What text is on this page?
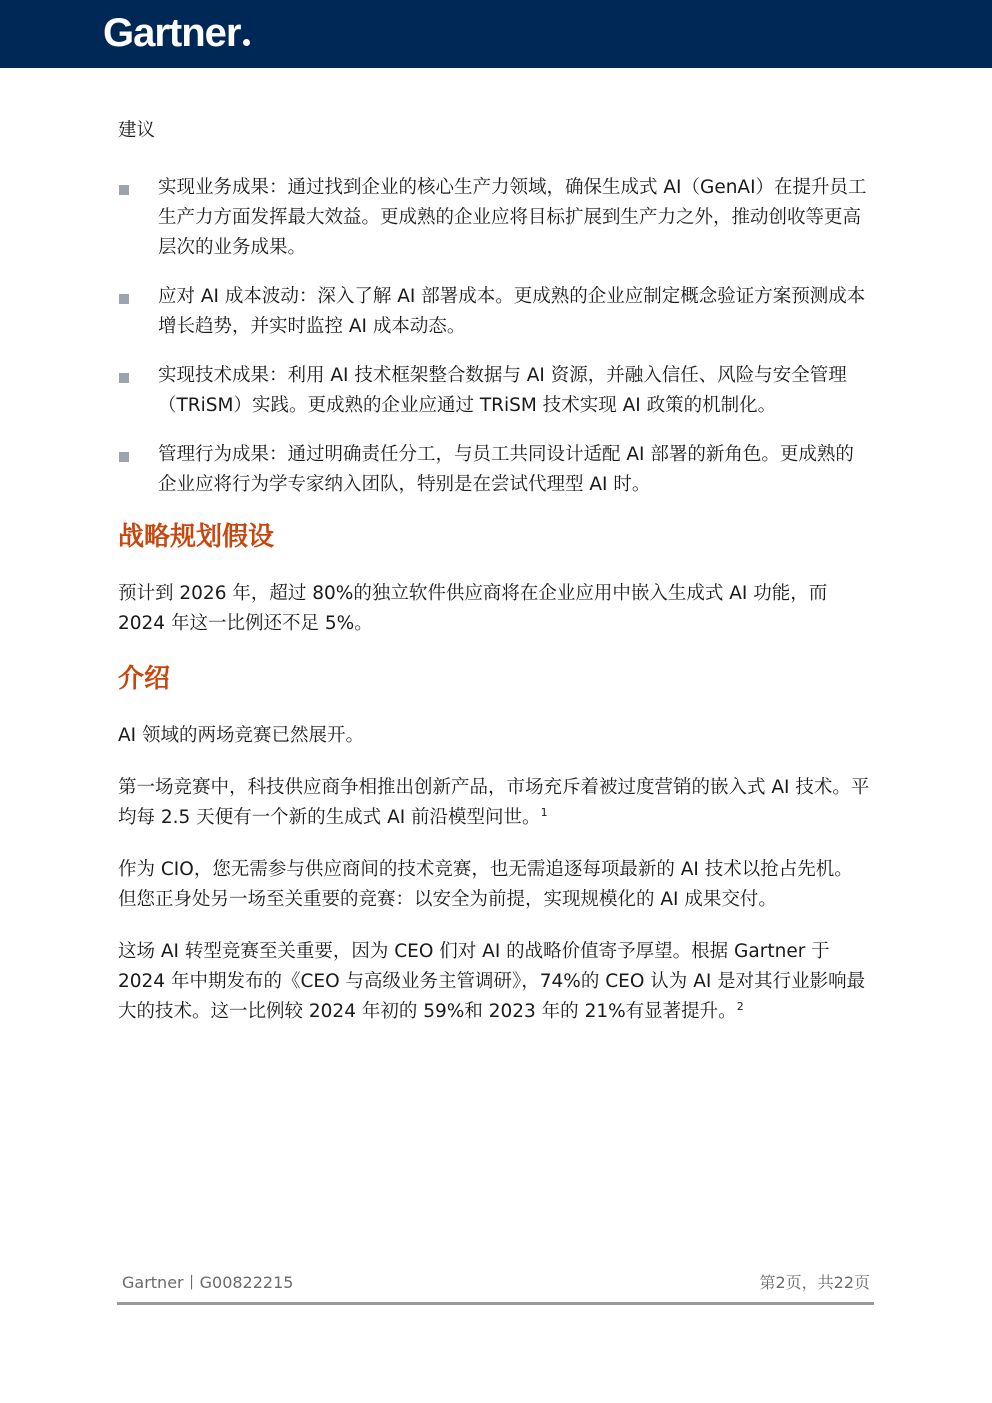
Gartner
建议
实现业务成果：通过找到企业的核心生产力领域，确保生成式 AI（GenAI）在提升员工生产力方面发挥最大效益。更成熟的企业应将目标扩展到生产力之外，推动创收等更高层次的业务成果。
应对 AI 成本波动：深入了解 AI 部署成本。更成熟的企业应制定概念验证方案预测成本增长趋势，并实时监控 AI 成本动态。
实现技术成果：利用 AI 技术框架整合数据与 AI 资源，并融入信任、风险与安全管理（TRiSM）实践。更成熟的企业应通过 TRiSM 技术实现 AI 政策的机制化。
管理行为成果：通过明确责任分工，与员工共同设计适配 AI 部署的新角色。更成熟的企业应将行为学专家纳入团队，特别是在尝试代理型 AI 时。
战略规划假设

预计到 2026 年，超过 80%的独立软件供应商将在企业应用中嵌入生成式 AI 功能，而 2024 年这一比例还不足 5%。

介绍

AI 领域的两场竞赛已然展开。

第一场竞赛中，科技供应商争相推出创新产品，市场充斥着被过度营销的嵌入式 AI 技术。平均每 2.5 天便有一个新的生成式 AI 前沿模型问世。$^1$

作为 CIO，您无需参与供应商间的技术竞赛，也无需追逐每项最新的 AI 技术以抢占先机。但您正身处另一场至关重要的竞赛：以安全为前提，实现规模化的 AI 成果交付。

这场 AI 转型竞赛至关重要，因为 CEO 们对 AI 的战略价值寄予厚望。根据 Gartner 于 2024 年中期发布的《CEO 与高级业务主管调研》，74%的 CEO 认为 AI 是对其行业影响最大的技术。这一比例较 2024 年初的 59%和 2023 年的 21%有显著提升。$^2$

Gartner丨G00822215	第2页，共22页
